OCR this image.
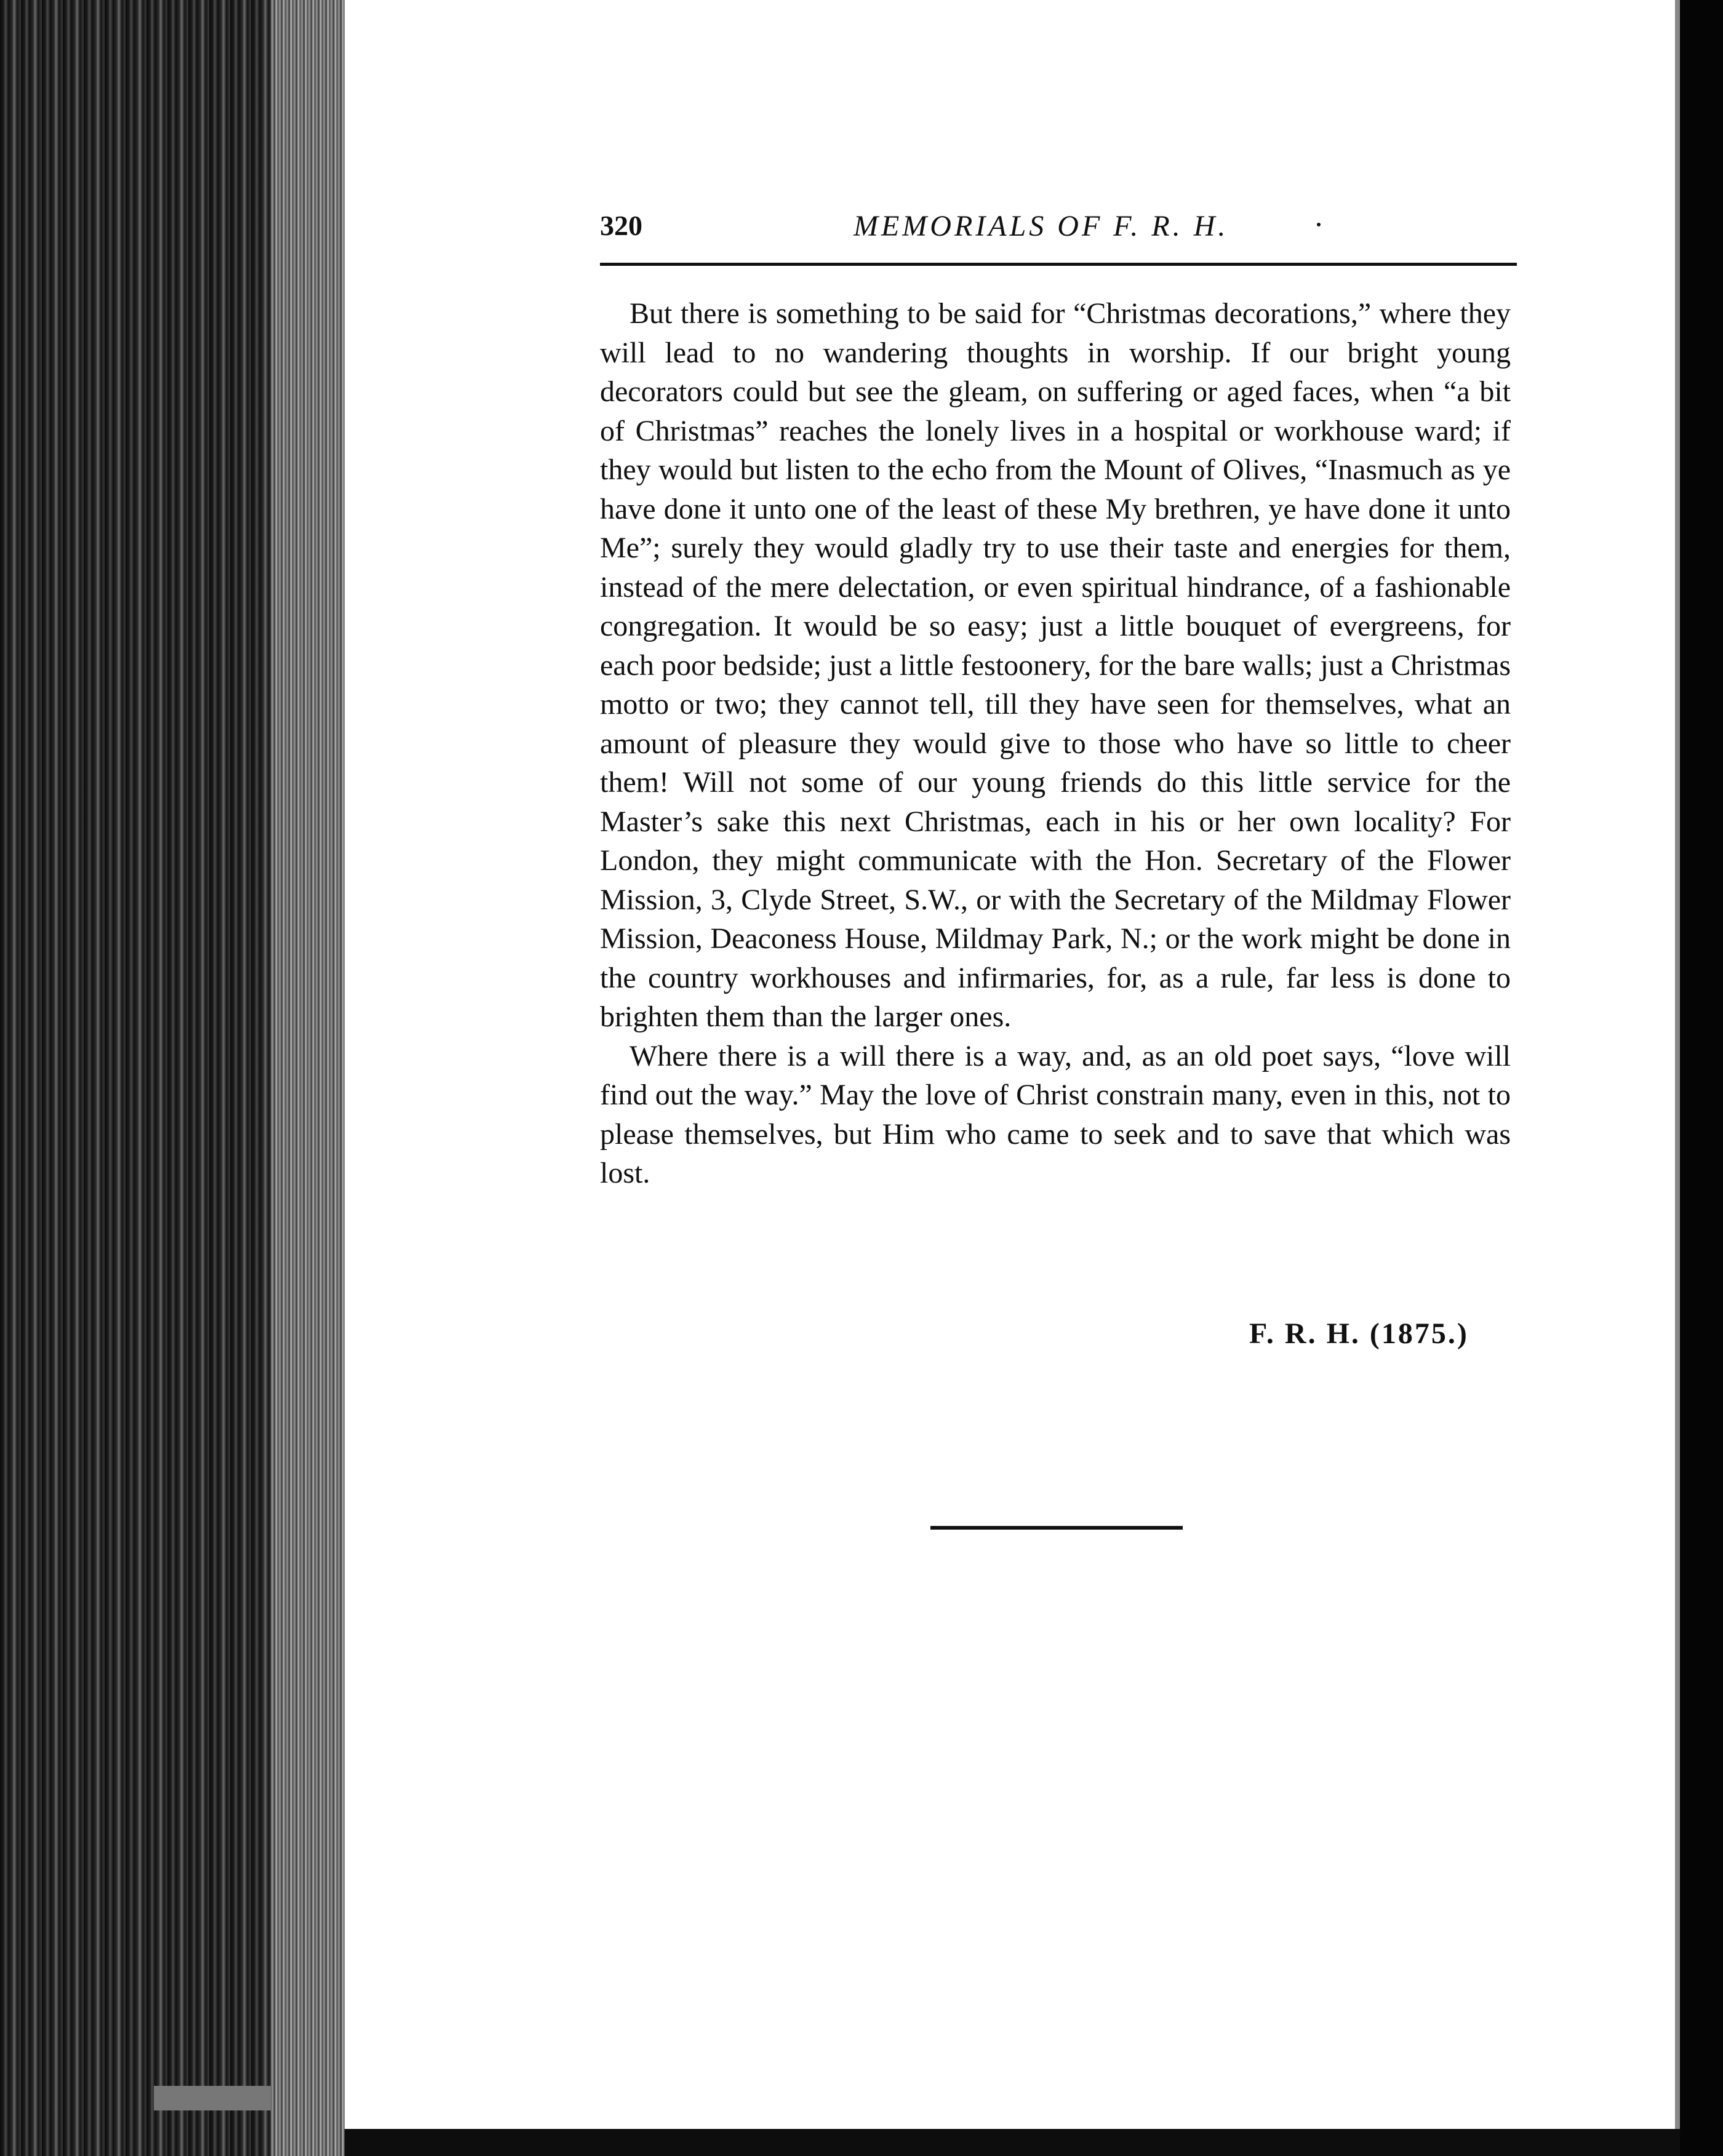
320	MEMORIALS OF F. R. H.

But there is something to be said for “Christmas decorations,” where they will lead to no wandering thoughts in worship. If our bright young decorators could but see the gleam, on suffering or aged faces, when “a bit of Christmas” reaches the lonely lives in a hospital or workhouse ward; if they would but listen to the echo from the Mount of Olives, “Inasmuch as ye have done it unto one of the least of these My brethren, ye have done it unto Me”; surely they would gladly try to use their taste and energies for them, instead of the mere delectation, or even spiritual hindrance, of a fashionable congregation. It would be so easy; just a little bouquet of evergreens, for each poor bedside; just a little festoonery, for the bare walls; just a Christmas motto or two; they cannot tell, till they have seen for themselves, what an amount of pleasure they would give to those who have so little to cheer them! Will not some of our young friends do this little service for the Master’s sake this next Christmas, each in his or her own locality? For London, they might communicate with the Hon. Secretary of the Flower Mission, 3, Clyde Street, S.W., or with the Secretary of the Mildmay Flower Mission, Deaconess House, Mildmay Park, N.; or the work might be done in the country workhouses and infirmaries, for, as a rule, far less is done to brighten them than the larger ones.

Where there is a will there is a way, and, as an old poet says, “love will find out the way.” May the love of Christ constrain many, even in this, not to please themselves, but Him who came to seek and to save that which was lost.

F. R. H. (1875.)
